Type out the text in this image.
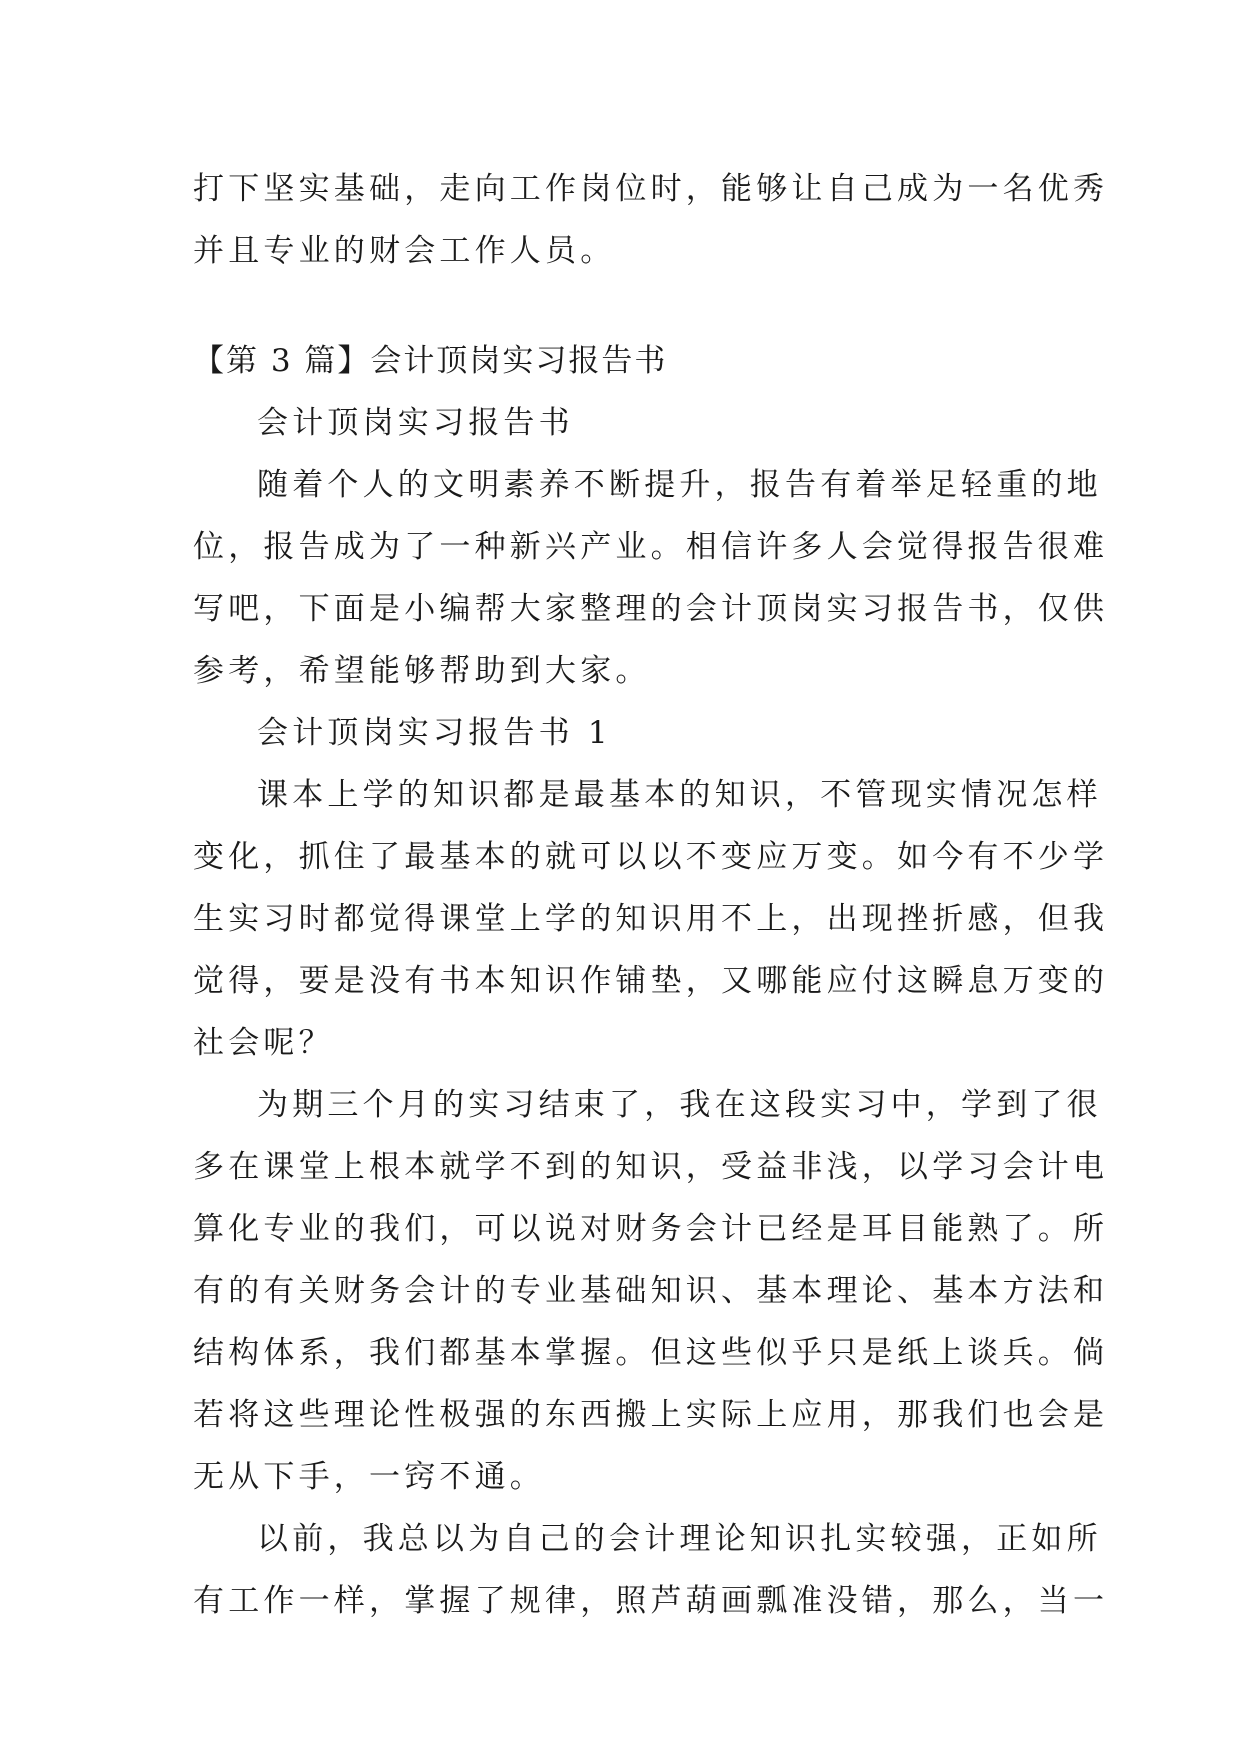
打下坚实基础，走向工作岗位时，能够让自己成为一名优秀
并且专业的财会工作人员。
【第 3 篇】会计顶岗实习报告书
会计顶岗实习报告书
随着个人的文明素养不断提升，报告有着举足轻重的地
位，报告成为了一种新兴产业。相信许多人会觉得报告很难
写吧，下面是小编帮大家整理的会计顶岗实习报告书，仅供
参考，希望能够帮助到大家。
会计顶岗实习报告书 1
课本上学的知识都是最基本的知识，不管现实情况怎样
变化，抓住了最基本的就可以以不变应万变。如今有不少学
生实习时都觉得课堂上学的知识用不上，出现挫折感，但我
觉得，要是没有书本知识作铺垫，又哪能应付这瞬息万变的
社会呢？
为期三个月的实习结束了，我在这段实习中，学到了很
多在课堂上根本就学不到的知识，受益非浅，以学习会计电
算化专业的我们，可以说对财务会计已经是耳目能熟了。所
有的有关财务会计的专业基础知识、基本理论、基本方法和
结构体系，我们都基本掌握。但这些似乎只是纸上谈兵。倘
若将这些理论性极强的东西搬上实际上应用，那我们也会是
无从下手，一窍不通。
以前，我总以为自己的会计理论知识扎实较强，正如所
有工作一样，掌握了规律，照芦葫画瓢准没错，那么，当一
